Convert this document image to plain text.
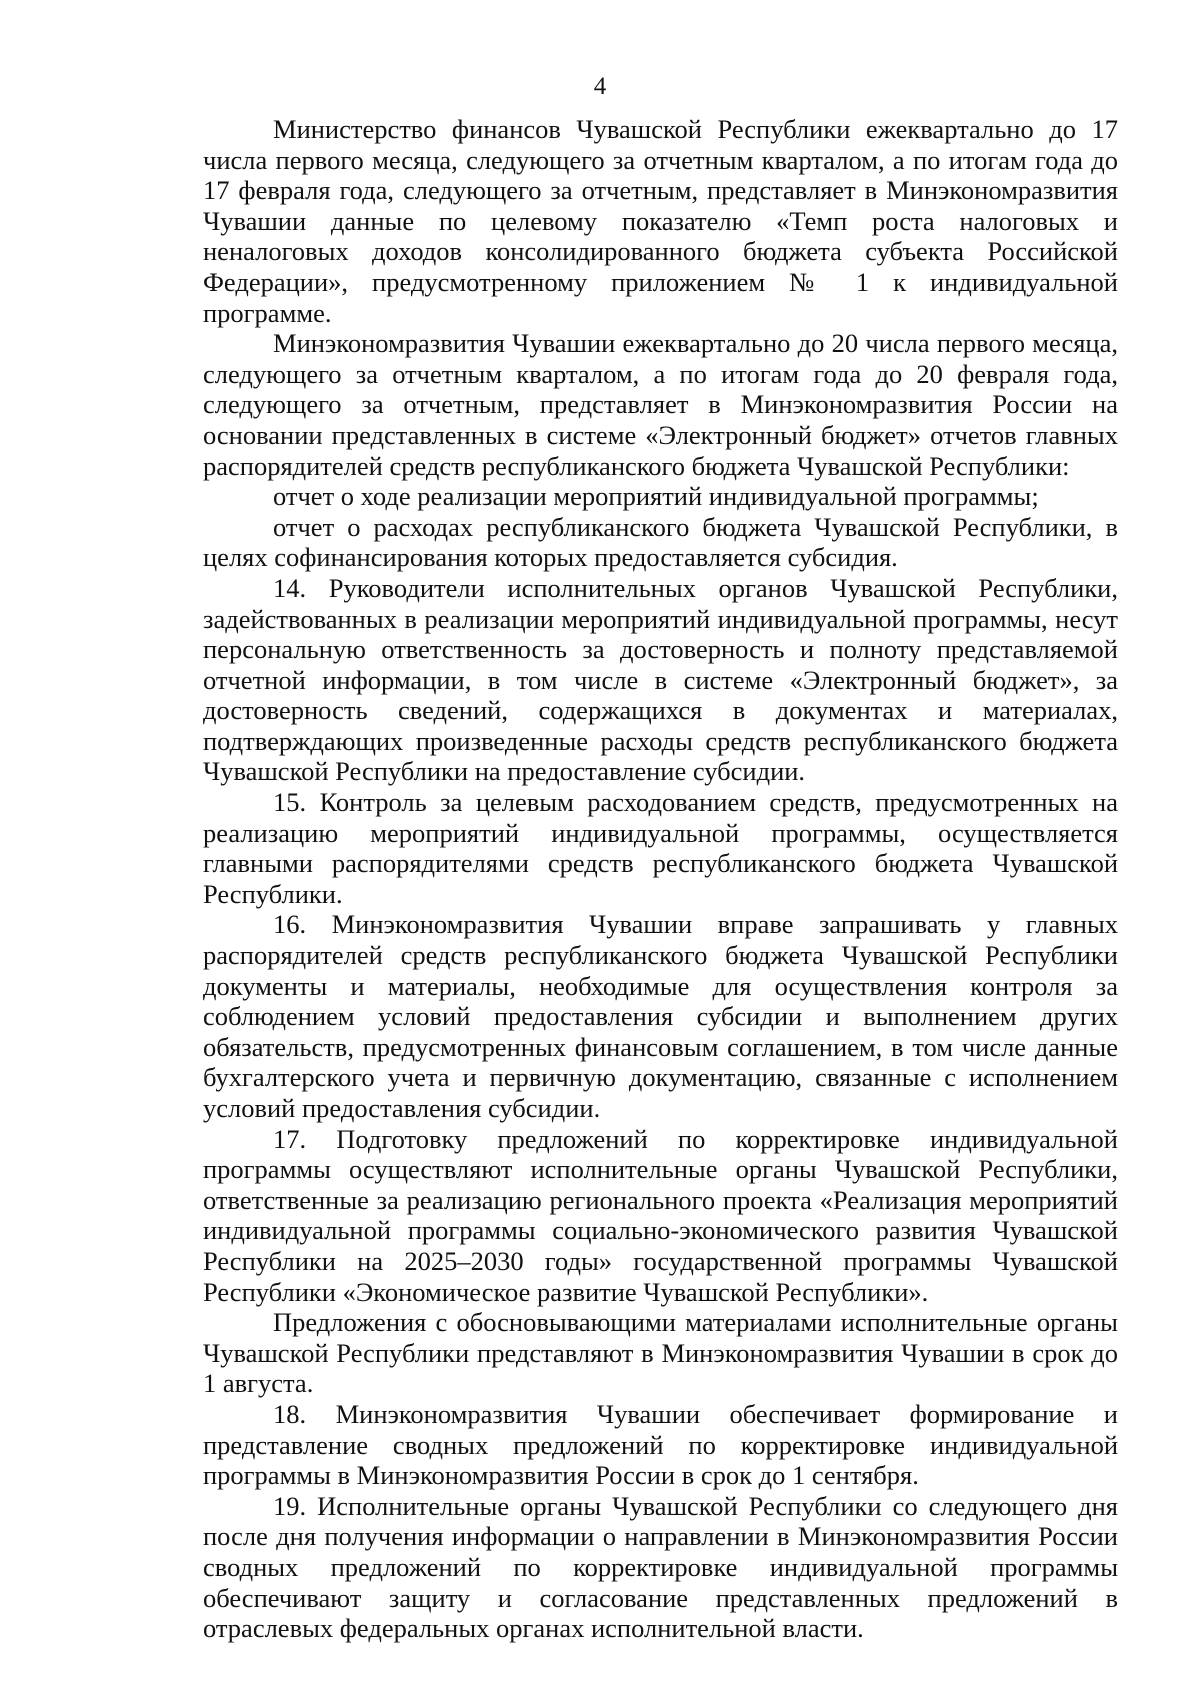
4

Министерство финансов Чувашской Республики ежеквартально до 17 числа первого месяца, следующего за отчетным кварталом, а по итогам года до 17 февраля года, следующего за отчетным, представляет в Минэкономразвития Чувашии данные по целевому показателю «Темп роста налоговых и неналоговых доходов консолидированного бюджета субъекта Российской Федерации», предусмотренному приложением № 1 к индивидуальной программе.

Минэкономразвития Чувашии ежеквартально до 20 числа первого месяца, следующего за отчетным кварталом, а по итогам года до 20 февраля года, следующего за отчетным, представляет в Минэкономразвития России на основании представленных в системе «Электронный бюджет» отчетов главных распорядителей средств республиканского бюджета Чувашской Республики:

отчет о ходе реализации мероприятий индивидуальной программы;

отчет о расходах республиканского бюджета Чувашской Республики, в целях софинансирования которых предоставляется субсидия.

14. Руководители исполнительных органов Чувашской Республики, задействованных в реализации мероприятий индивидуальной программы, несут персональную ответственность за достоверность и полноту представляемой отчетной информации, в том числе в системе «Электронный бюджет», за достоверность сведений, содержащихся в документах и материалах, подтверждающих произведенные расходы средств республиканского бюджета Чувашской Республики на предоставление субсидии.

15. Контроль за целевым расходованием средств, предусмотренных на реализацию мероприятий индивидуальной программы, осуществляется главными распорядителями средств республиканского бюджета Чувашской Республики.

16. Минэкономразвития Чувашии вправе запрашивать у главных распорядителей средств республиканского бюджета Чувашской Республики документы и материалы, необходимые для осуществления контроля за соблюдением условий предоставления субсидии и выполнением других обязательств, предусмотренных финансовым соглашением, в том числе данные бухгалтерского учета и первичную документацию, связанные с исполнением условий предоставления субсидии.

17. Подготовку предложений по корректировке индивидуальной программы осуществляют исполнительные органы Чувашской Республики, ответственные за реализацию регионального проекта «Реализация мероприятий индивидуальной программы социально-экономического развития Чувашской Республики на 2025–2030 годы» государственной программы Чувашской Республики «Экономическое развитие Чувашской Республики».

Предложения с обосновывающими материалами исполнительные органы Чувашской Республики представляют в Минэкономразвития Чувашии в срок до 1 августа.

18. Минэкономразвития Чувашии обеспечивает формирование и представление сводных предложений по корректировке индивидуальной программы в Минэкономразвития России в срок до 1 сентября.

19. Исполнительные органы Чувашской Республики со следующего дня после дня получения информации о направлении в Минэкономразвития России сводных предложений по корректировке индивидуальной программы обеспечивают защиту и согласование представленных предложений в отраслевых федеральных органах исполнительной власти.
